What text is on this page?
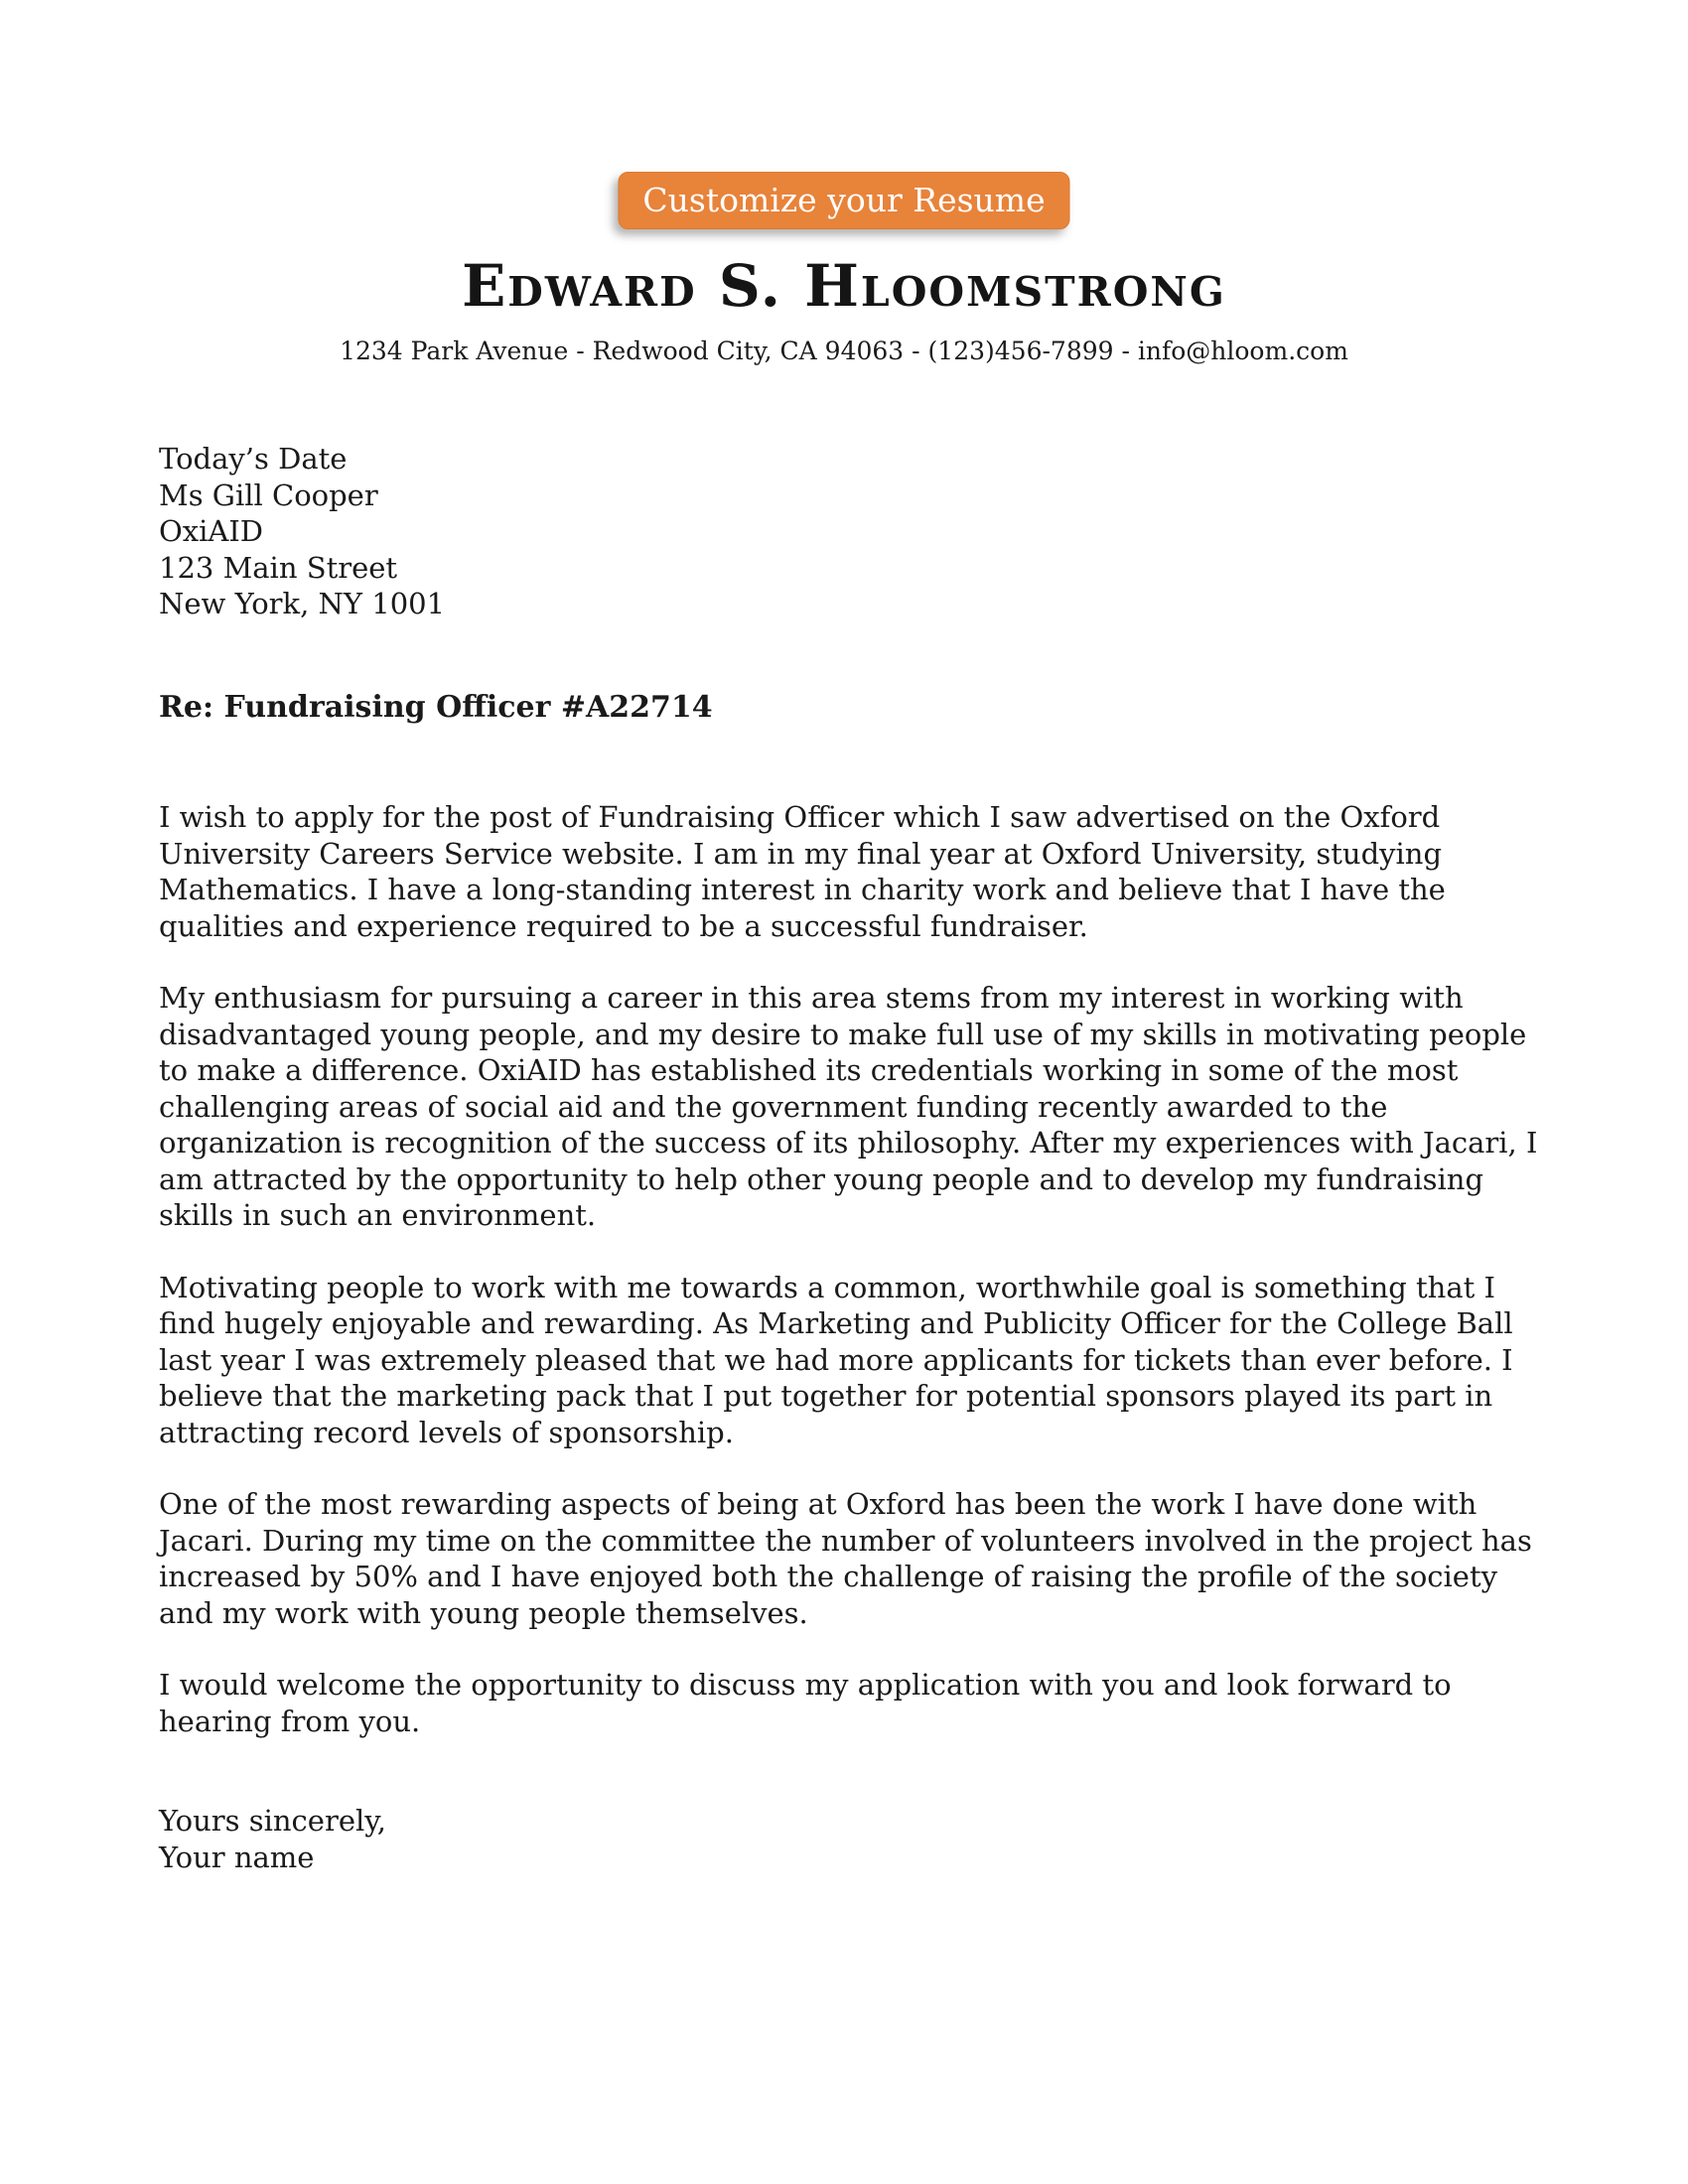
Customize your Resume
Edward S. Hloomstrong
1234 Park Avenue - Redwood City, CA 94063 - (123)456-7899 - info@hloom.com
Today’s Date
Ms Gill Cooper
OxiAID
123 Main Street
New York, NY 1001
Re: Fundraising Officer #A22714

I wish to apply for the post of Fundraising Officer which I saw advertised on the Oxford University Careers Service website. I am in my final year at Oxford University, studying Mathematics. I have a long-standing interest in charity work and believe that I have the qualities and experience required to be a successful fundraiser.

My enthusiasm for pursuing a career in this area stems from my interest in working with disadvantaged young people, and my desire to make full use of my skills in motivating people to make a difference. OxiAID has established its credentials working in some of the most challenging areas of social aid and the government funding recently awarded to the organization is recognition of the success of its philosophy. After my experiences with Jacari, I am attracted by the opportunity to help other young people and to develop my fundraising skills in such an environment.

Motivating people to work with me towards a common, worthwhile goal is something that I find hugely enjoyable and rewarding. As Marketing and Publicity Officer for the College Ball last year I was extremely pleased that we had more applicants for tickets than ever before. I believe that the marketing pack that I put together for potential sponsors played its part in attracting record levels of sponsorship.

One of the most rewarding aspects of being at Oxford has been the work I have done with Jacari. During my time on the committee the number of volunteers involved in the project has increased by 50% and I have enjoyed both the challenge of raising the profile of the society and my work with young people themselves.

I would welcome the opportunity to discuss my application with you and look forward to hearing from you.

Yours sincerely,
Your name
